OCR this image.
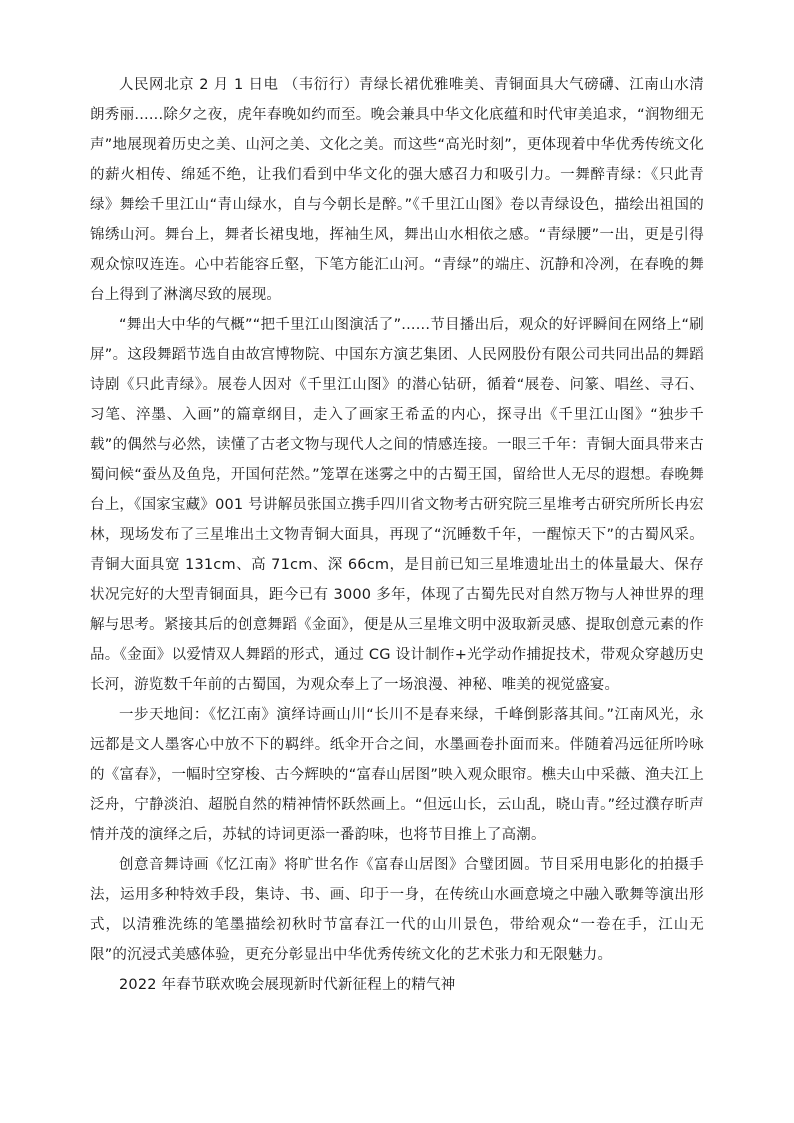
人民网北京 2 月 1 日电 （韦衍行）青绿长裙优雅唯美、青铜面具大气磅礴、江南山水清朗秀丽......除夕之夜，虎年春晚如约而至。晚会兼具中华文化底蕴和时代审美追求，“润物细无声”地展现着历史之美、山河之美、文化之美。而这些“高光时刻”，更体现着中华优秀传统文化的薪火相传、绵延不绝，让我们看到中华文化的强大感召力和吸引力。一舞醉青绿：《只此青绿》舞绘千里江山“青山绿水，自与今朝长是醉。”《千里江山图》卷以青绿设色，描绘出祖国的锦绣山河。舞台上，舞者长裙曳地，挥袖生风，舞出山水相依之感。“青绿腰”一出，更是引得观众惊叹连连。心中若能容丘壑，下笔方能汇山河。“青绿”的端庄、沉静和冷冽，在春晚的舞台上得到了淋漓尽致的展现。

“舞出大中华的气概”“把千里江山图演活了”......节目播出后，观众的好评瞬间在网络上“刷屏”。这段舞蹈节选自由故宫博物院、中国东方演艺集团、人民网股份有限公司共同出品的舞蹈诗剧《只此青绿》。展卷人因对《千里江山图》的潜心钻研，循着“展卷、问篆、唱丝、寻石、习笔、淬墨、入画”的篇章纲目，走入了画家王希孟的内心，探寻出《千里江山图》“独步千载”的偶然与必然，读懂了古老文物与现代人之间的情感连接。一眼三千年：青铜大面具带来古蜀问候“蚕丛及鱼凫，开国何茫然。”笼罩在迷雾之中的古蜀王国，留给世人无尽的遐想。春晚舞台上，《国家宝藏》001 号讲解员张国立携手四川省文物考古研究院三星堆考古研究所所长冉宏林，现场发布了三星堆出土文物青铜大面具，再现了“沉睡数千年，一醒惊天下”的古蜀风采。青铜大面具宽 131cm、高 71cm、深 66cm，是目前已知三星堆遗址出土的体量最大、保存状况完好的大型青铜面具，距今已有 3000 多年，体现了古蜀先民对自然万物与人神世界的理解与思考。紧接其后的创意舞蹈《金面》，便是从三星堆文明中汲取新灵感、提取创意元素的作品。《金面》以爱情双人舞蹈的形式，通过 CG 设计制作+光学动作捕捉技术，带观众穿越历史长河，游览数千年前的古蜀国，为观众奉上了一场浪漫、神秘、唯美的视觉盛宴。

一步天地间：《忆江南》演绎诗画山川“长川不是春来绿，千峰倒影落其间。”江南风光，永远都是文人墨客心中放不下的羁绊。纸伞开合之间，水墨画卷扑面而来。伴随着冯远征所吟咏的《富春》，一幅时空穿梭、古今辉映的“富春山居图”映入观众眼帘。樵夫山中采薇、渔夫江上泛舟，宁静淡泊、超脱自然的精神情怀跃然画上。“但远山长，云山乱，晓山青。”经过濮存昕声情并茂的演绎之后，苏轼的诗词更添一番韵味，也将节目推上了高潮。

创意音舞诗画《忆江南》将旷世名作《富春山居图》合璧团圆。节目采用电影化的拍摄手法，运用多种特效手段，集诗、书、画、印于一身，在传统山水画意境之中融入歌舞等演出形式，以清雅洗练的笔墨描绘初秋时节富春江一代的山川景色，带给观众“一卷在手，江山无限”的沉浸式美感体验，更充分彰显出中华优秀传统文化的艺术张力和无限魅力。

2022 年春节联欢晚会展现新时代新征程上的精气神
